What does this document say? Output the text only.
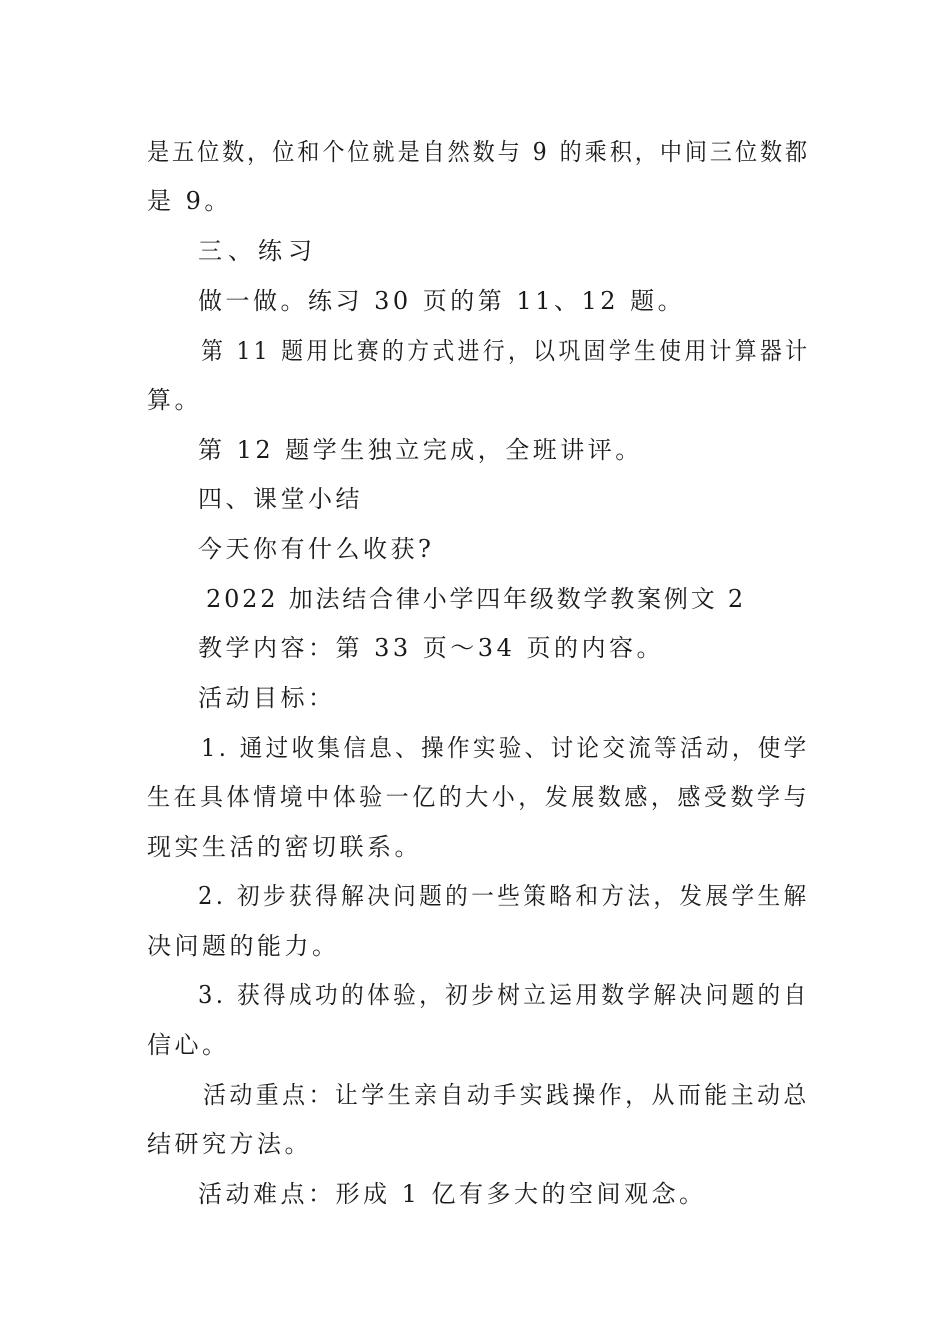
是五位数，位和个位就是自然数与 9 的乘积，中间三位数都
是 9。
三、练习
做一做。练习 30 页的第 11、12 题。
第 11 题用比赛的方式进行，以巩固学生使用计算器计
算。
第 12 题学生独立完成，全班讲评。
四、课堂小结
今天你有什么收获?
2022 加法结合律小学四年级数学教案例文 2
教学内容：第 33 页～34 页的内容。
活动目标：
1. 通过收集信息、操作实验、讨论交流等活动，使学
生在具体情境中体验一亿的大小，发展数感，感受数学与
现实生活的密切联系。
2. 初步获得解决问题的一些策略和方法，发展学生解
决问题的能力。
3. 获得成功的体验，初步树立运用数学解决问题的自
信心。
活动重点：让学生亲自动手实践操作，从而能主动总
结研究方法。
活动难点：形成 1 亿有多大的空间观念。
